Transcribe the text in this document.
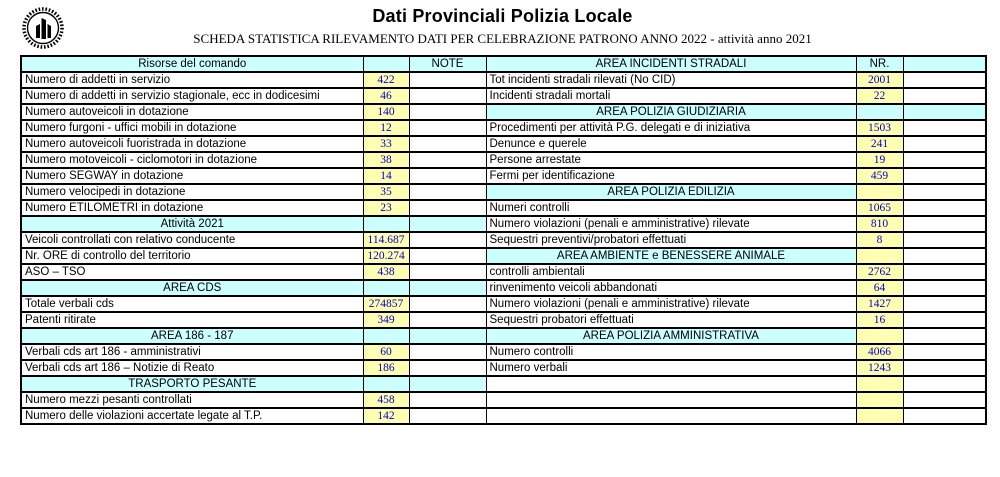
Dati Provinciali Polizia Locale
SCHEDA STATISTICA RILEVAMENTO DATI PER CELEBRAZIONE PATRONO ANNO 2022 - attività anno 2021
Risorse del comando		NOTE	AREA INCIDENTI STRADALI	NR.	
Numero di addetti in servizio	422		Tot incidenti stradali rilevati (No CID)	2001	
Numero di addetti in servizio stagionale, ecc in dodicesimi	46		Incidenti stradali mortali	22	
Numero autoveicoli in dotazione	140		AREA POLIZIA GIUDIZIARIA		
Numero furgoni - uffici mobili in dotazione	12		Procedimenti per attività P.G. delegati e di iniziativa	1503	
Numero autoveicoli fuoristrada in dotazione	33		Denunce e querele	241	
Numero motoveicoli - ciclomotori in dotazione	38		Persone arrestate	19	
Numero SEGWAY in dotazione	14		Fermi per identificazione	459	
Numero velocipedi in dotazione	35		AREA POLIZIA EDILIZIA		
Numero ETILOMETRI in dotazione	23		Numeri controlli	1065	
Attività 2021			Numero violazioni (penali e amministrative) rilevate	810	
Veicoli controllati con relativo conducente	114.687		Sequestri preventivi/probatori effettuati	8	
Nr. ORE di controllo del territorio	120.274		AREA AMBIENTE e BENESSERE ANIMALE		
ASO – TSO	438		controlli ambientali	2762	
AREA CDS			rinvenimento veicoli abbandonati	64	
Totale verbali cds	274857		Numero violazioni (penali e amministrative) rilevate	1427	
Patenti ritirate	349		Sequestri probatori effettuati	16	
AREA 186 - 187			AREA POLIZIA AMMINISTRATIVA		
Verbali cds art 186 - amministrativi	60		Numero controlli	4066	
Verbali cds art 186 – Notizie di Reato	186		Numero verbali	1243	
TRASPORTO PESANTE					
Numero mezzi pesanti controllati	458				
Numero delle violazioni accertate legate al T.P.	142				
